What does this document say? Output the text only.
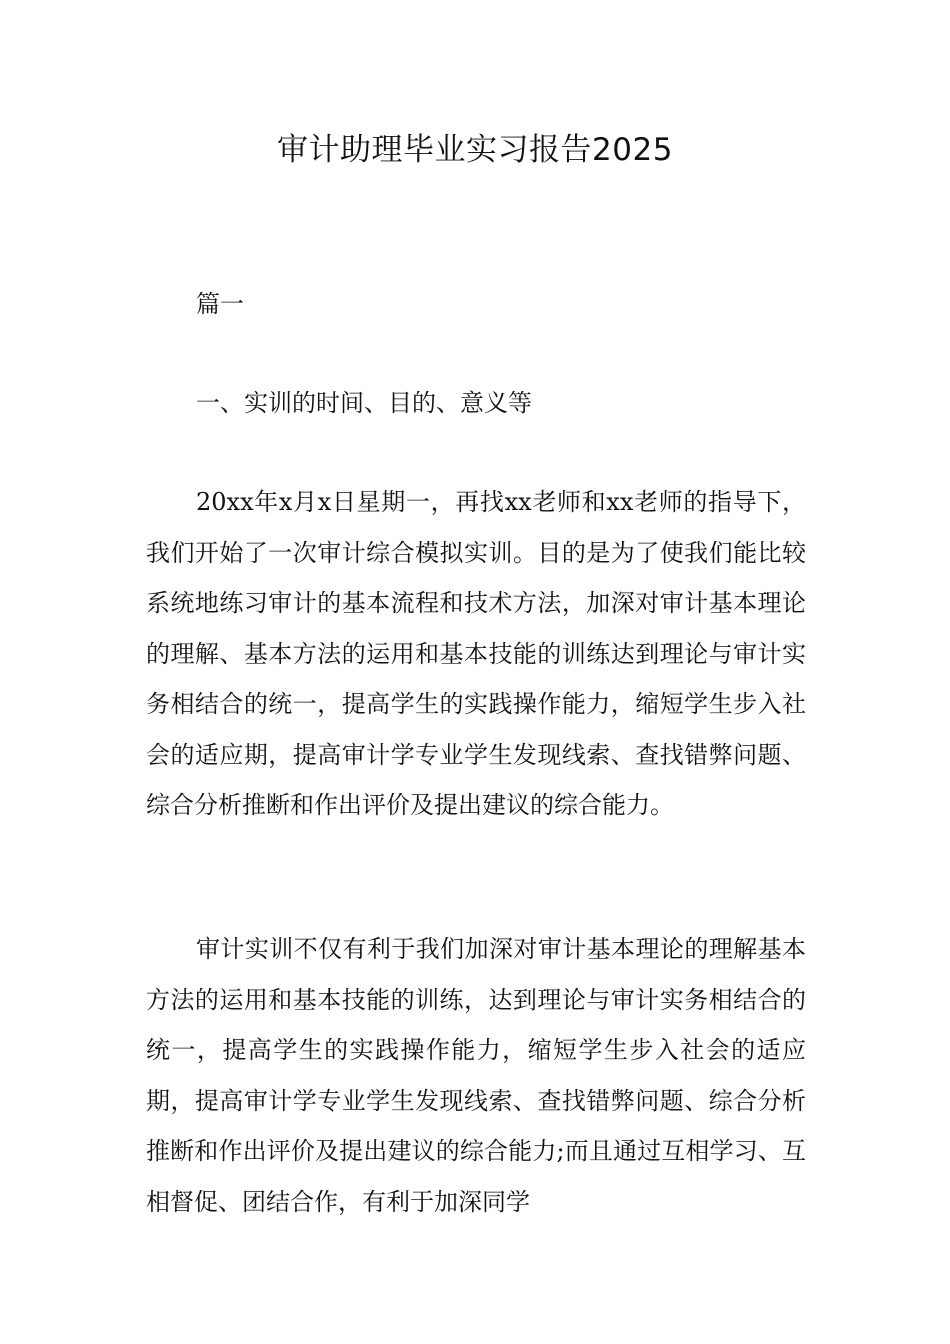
审计助理毕业实习报告2025

篇一

一、实训的时间、目的、意义等

20xx年x月x日星期一，再找xx老师和xx老师的指导下，我们开始了一次审计综合模拟实训。目的是为了使我们能比较系统地练习审计的基本流程和技术方法，加深对审计基本理论的理解、基本方法的运用和基本技能的训练达到理论与审计实务相结合的统一，提高学生的实践操作能力，缩短学生步入社会的适应期，提高审计学专业学生发现线索、查找错弊问题、综合分析推断和作出评价及提出建议的综合能力。

审计实训不仅有利于我们加深对审计基本理论的理解基本方法的运用和基本技能的训练，达到理论与审计实务相结合的统一，提高学生的实践操作能力，缩短学生步入社会的适应期，提高审计学专业学生发现线索、查找错弊问题、综合分析推断和作出评价及提出建议的综合能力;而且通过互相学习、互相督促、团结合作，有利于加深同学
